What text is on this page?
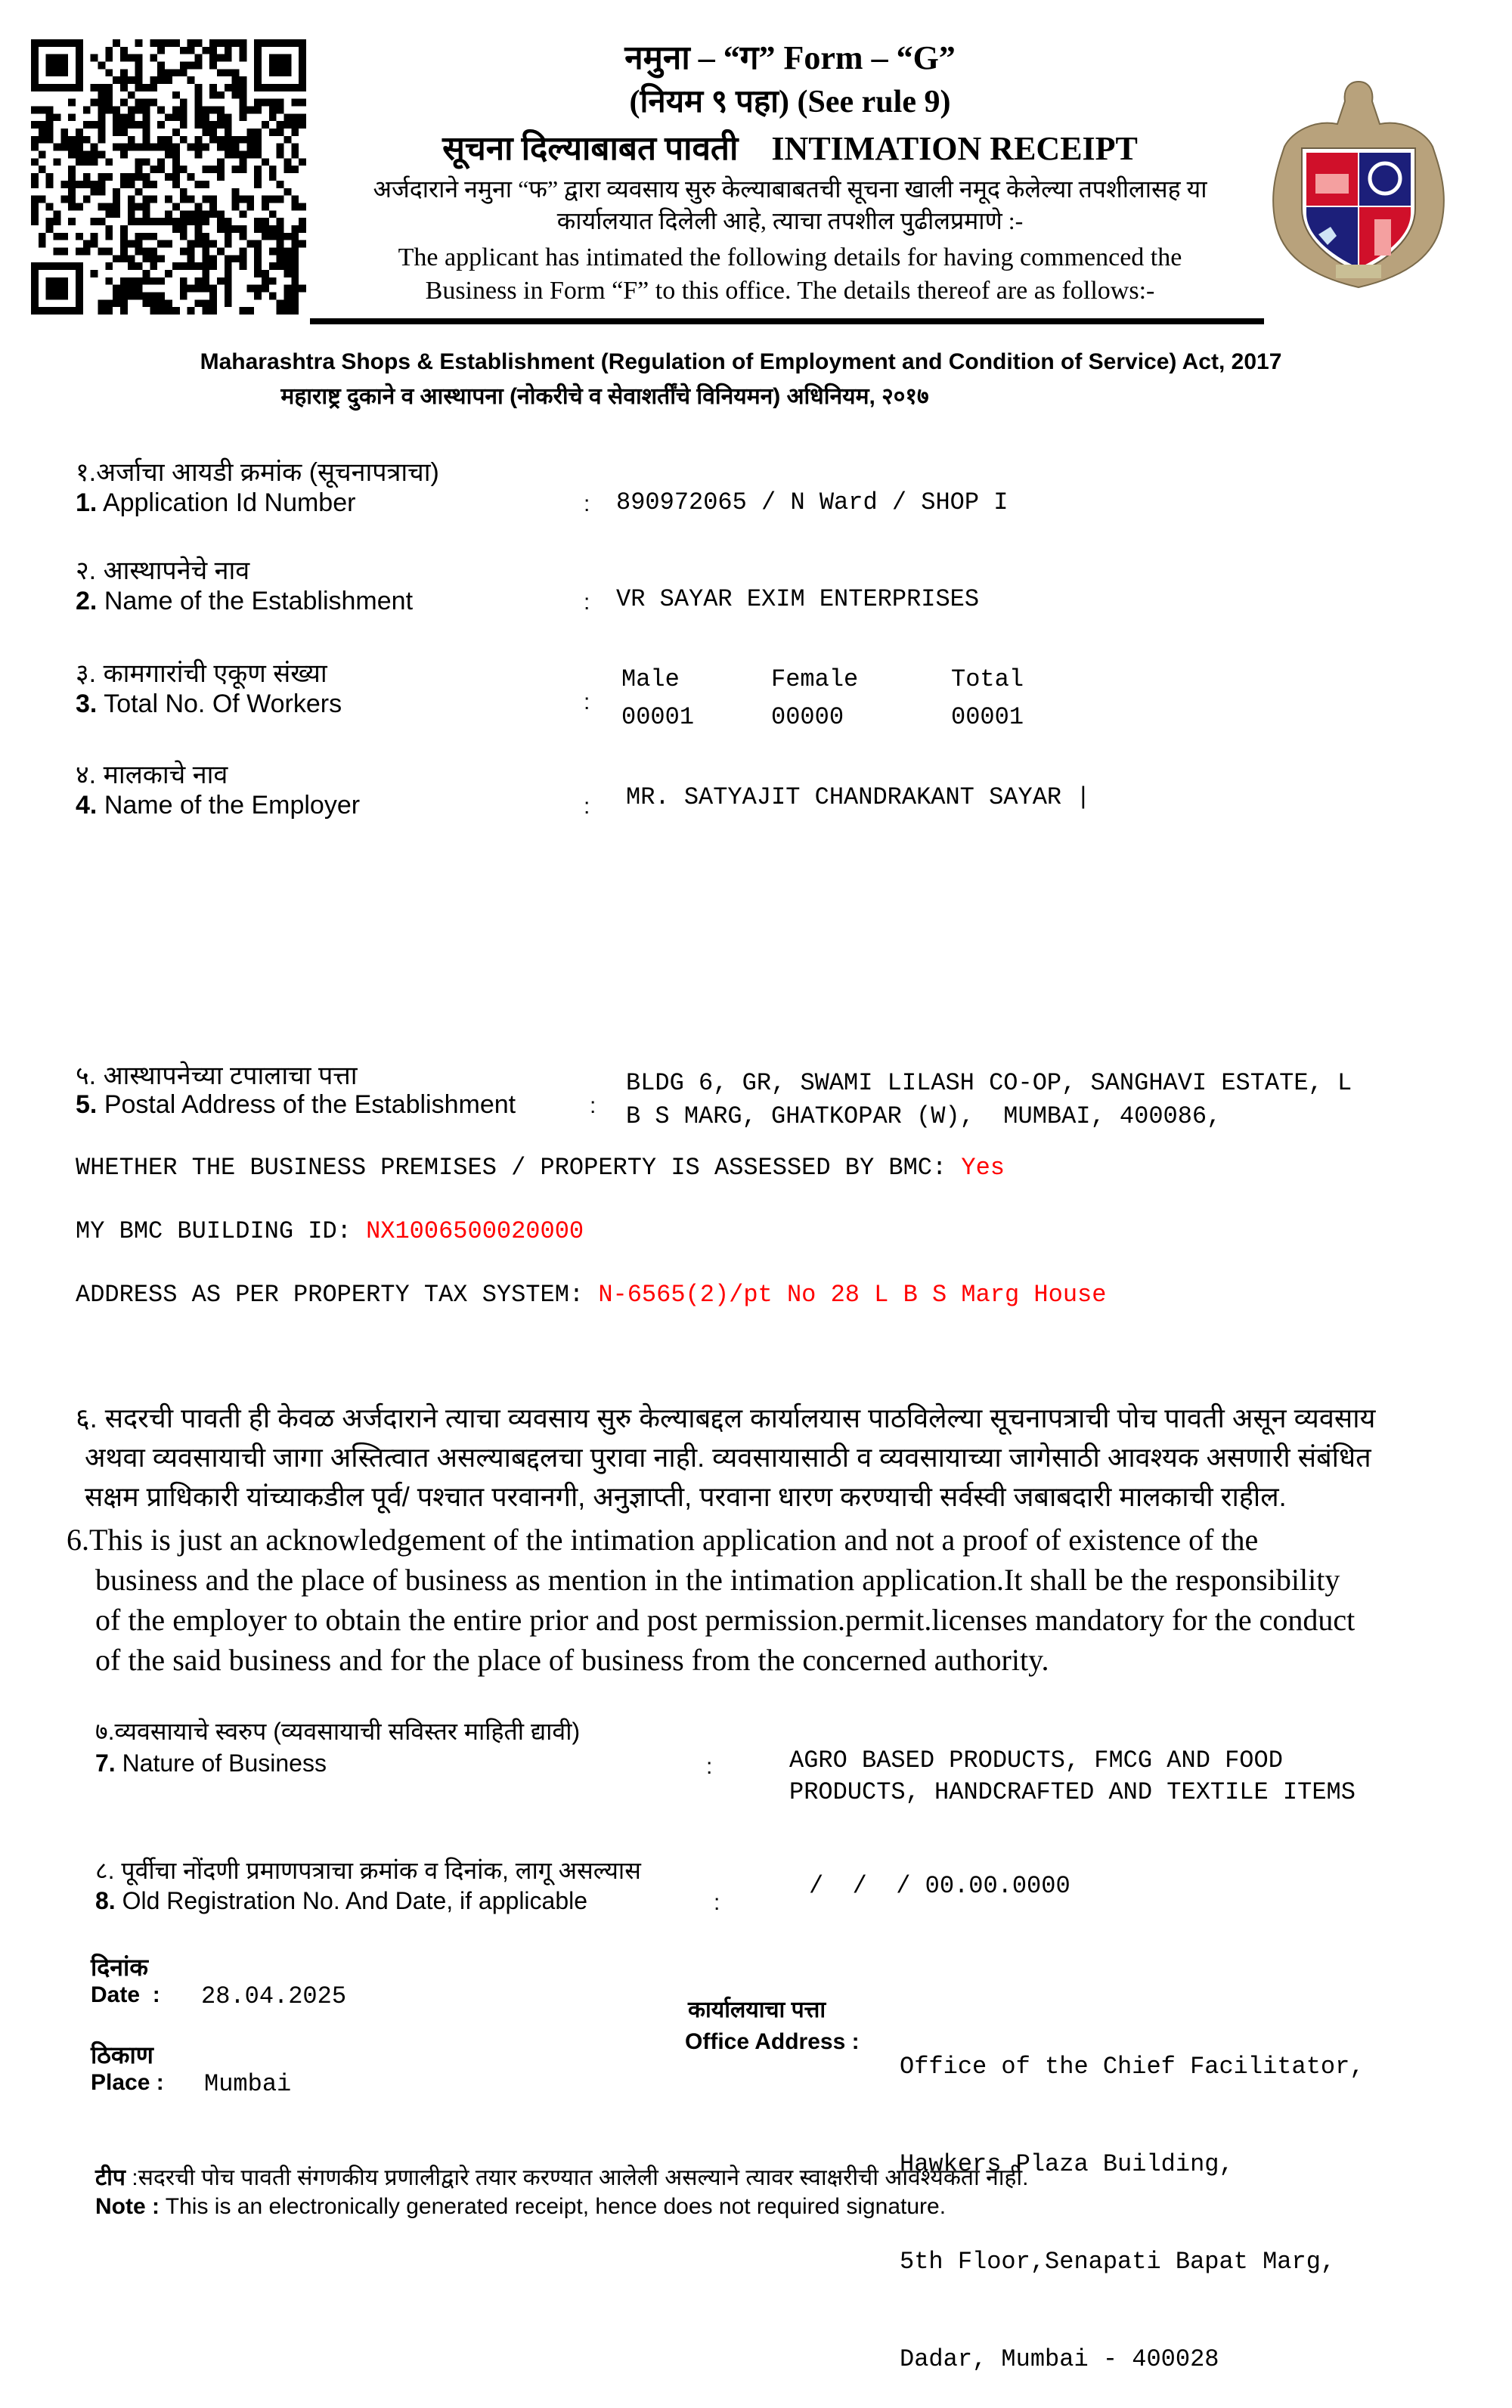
नमुना – “ग” Form – “G”
(नियम ९ पहा) (See rule 9)
सूचना दिल्याबाबत पावती INTIMATION RECEIPT
अर्जदाराने नमुना “फ” द्वारा व्यवसाय सुरु केल्याबाबतची सूचना खाली नमूद केलेल्या तपशीलासह या
कार्यालयात दिलेली आहे, त्याचा तपशील पुढीलप्रमाणे :-
The applicant has intimated the following details for having commenced the
Business in Form “F” to this office. The details thereof are as follows:-
Maharashtra Shops & Establishment (Regulation of Employment and Condition of Service) Act, 2017
महाराष्ट्र दुकाने व आस्थापना (नोकरीचे व सेवाशर्तींचे विनियमन) अधिनियम, २०१७
१.अर्जाचा आयडी क्रमांक (सूचनापत्राचा)
1. Application Id Number	: 890972065 / N Ward / SHOP I
२. आस्थापनेचे नाव
2. Name of the Establishment	: VR SAYAR EXIM ENTERPRISES
३. कामगारांची एकूण संख्या
3. Total No. Of Workers	:
Male	Female	Total
00001	00000	00001
४. मालकाचे नाव
4. Name of the Employer	: MR. SATYAJIT CHANDRAKANT SAYAR |
५. आस्थापनेच्या टपालाचा पत्ता
5. Postal Address of the Establishment	:
BLDG 6, GR, SWAMI LILASH CO-OP, SANGHAVI ESTATE, L
B S MARG, GHATKOPAR (W),  MUMBAI, 400086,
WHETHER THE BUSINESS PREMISES / PROPERTY IS ASSESSED BY BMC: Yes
MY BMC BUILDING ID: NX1006500020000
ADDRESS AS PER PROPERTY TAX SYSTEM: N-6565(2)/pt No 28 L B S Marg House
६. सदरची पावती ही केवळ अर्जदाराने त्याचा व्यवसाय सुरु केल्याबद्दल कार्यालयास पाठविलेल्या सूचनापत्राची पोच पावती असून व्यवसाय
अथवा व्यवसायाची जागा अस्तित्वात असल्याबद्दलचा पुरावा नाही. व्यवसायासाठी व व्यवसायाच्या जागेसाठी आवश्यक असणारी संबंधित
सक्षम प्राधिकारी यांच्याकडील पूर्व/ पश्चात परवानगी, अनुज्ञाप्ती, परवाना धारण करण्याची सर्वस्वी जबाबदारी मालकाची राहील.
6.This is just an acknowledgement of the intimation application and not a proof of existence of the
business and the place of business as mention in the intimation application.It shall be the responsibility
of the employer to obtain the entire prior and post permission.permit.licenses mandatory for the conduct
of the said business and for the place of business from the concerned authority.
७.व्यवसायाचे स्वरुप (व्यवसायाची सविस्तर माहिती द्यावी)
7. Nature of Business	:	AGRO BASED PRODUCTS, FMCG AND FOOD
PRODUCTS, HANDCRAFTED AND TEXTILE ITEMS
८. पूर्वीचा नोंदणी प्रमाणपत्राचा क्रमांक व दिनांक, लागू असल्यास
8. Old Registration No. And Date, if applicable	:
/  /  / 00.00.0000
दिनांक
Date  : 28.04.2025
ठिकाण
Place : Mumbai
कार्यालयाचा पत्ता
Office Address :

Office of the Chief Facilitator,

Hawkers Plaza Building,

5th Floor,Senapati Bapat Marg,

Dadar, Mumbai - 400028

टीप :सदरची पोच पावती संगणकीय प्रणालीद्वारे तयार करण्यात आलेली असल्याने त्यावर स्वाक्षरीची आवश्यकता नाही.
Note : This is an electronically generated receipt, hence does not required signature.
